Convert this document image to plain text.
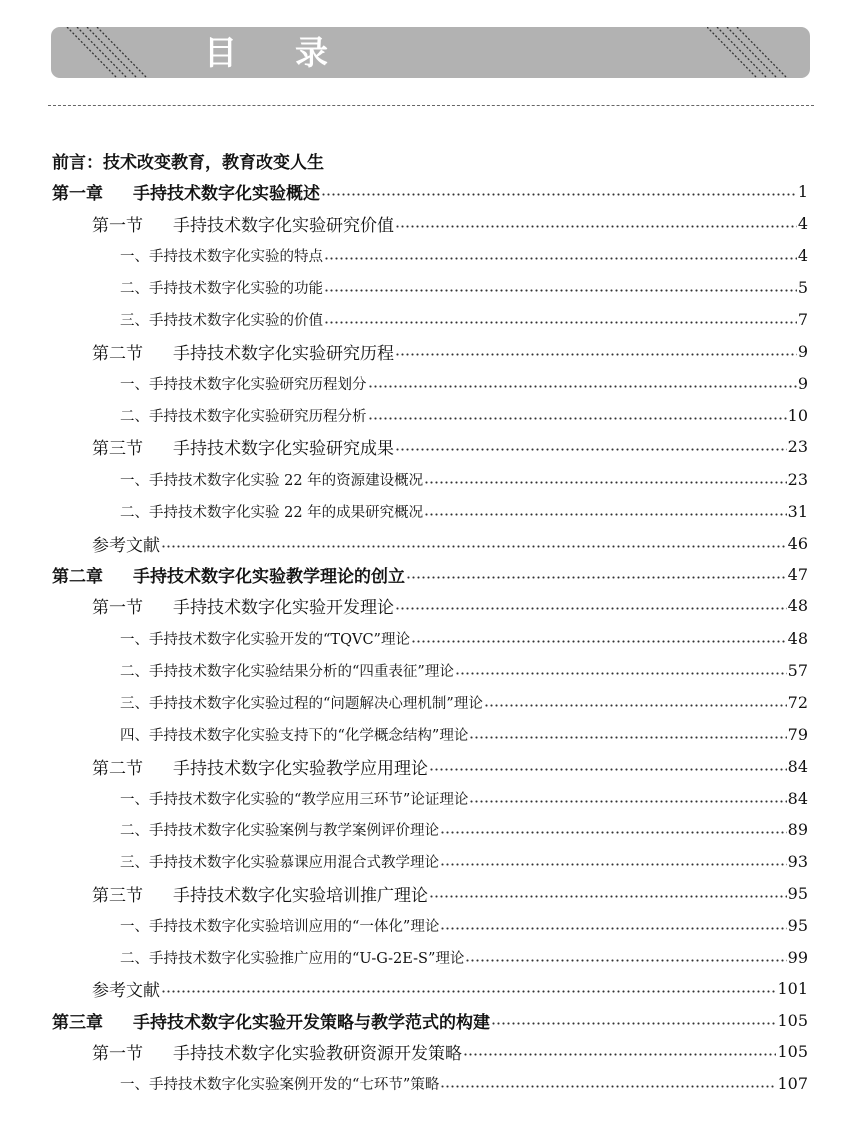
目录
前言：技术改变教育，教育改变人生
第一章 手持技术数字化实验概述	1
第一节 手持技术数字化实验研究价值	4
一、手持技术数字化实验的特点	4
二、手持技术数字化实验的功能	5
三、手持技术数字化实验的价值	7
第二节 手持技术数字化实验研究历程	9
一、手持技术数字化实验研究历程划分	9
二、手持技术数字化实验研究历程分析	10
第三节 手持技术数字化实验研究成果	23
一、手持技术数字化实验 22 年的资源建设概况	23
二、手持技术数字化实验 22 年的成果研究概况	31
参考文献	46
第二章 手持技术数字化实验教学理论的创立	47
第一节 手持技术数字化实验开发理论	48
一、手持技术数字化实验开发的“TQVC”理论	48
二、手持技术数字化实验结果分析的“四重表征”理论	57
三、手持技术数字化实验过程的“问题解决心理机制”理论	72
四、手持技术数字化实验支持下的“化学概念结构”理论	79
第二节 手持技术数字化实验教学应用理论	84
一、手持技术数字化实验的“教学应用三环节”论证理论	84
二、手持技术数字化实验案例与教学案例评价理论	89
三、手持技术数字化实验慕课应用混合式教学理论	93
第三节 手持技术数字化实验培训推广理论	95
一、手持技术数字化实验培训应用的“一体化”理论	95
二、手持技术数字化实验推广应用的“U-G-2E-S”理论	99
参考文献	101
第三章 手持技术数字化实验开发策略与教学范式的构建	105
第一节 手持技术数字化实验教研资源开发策略	105
一、手持技术数字化实验案例开发的“七环节”策略	107
